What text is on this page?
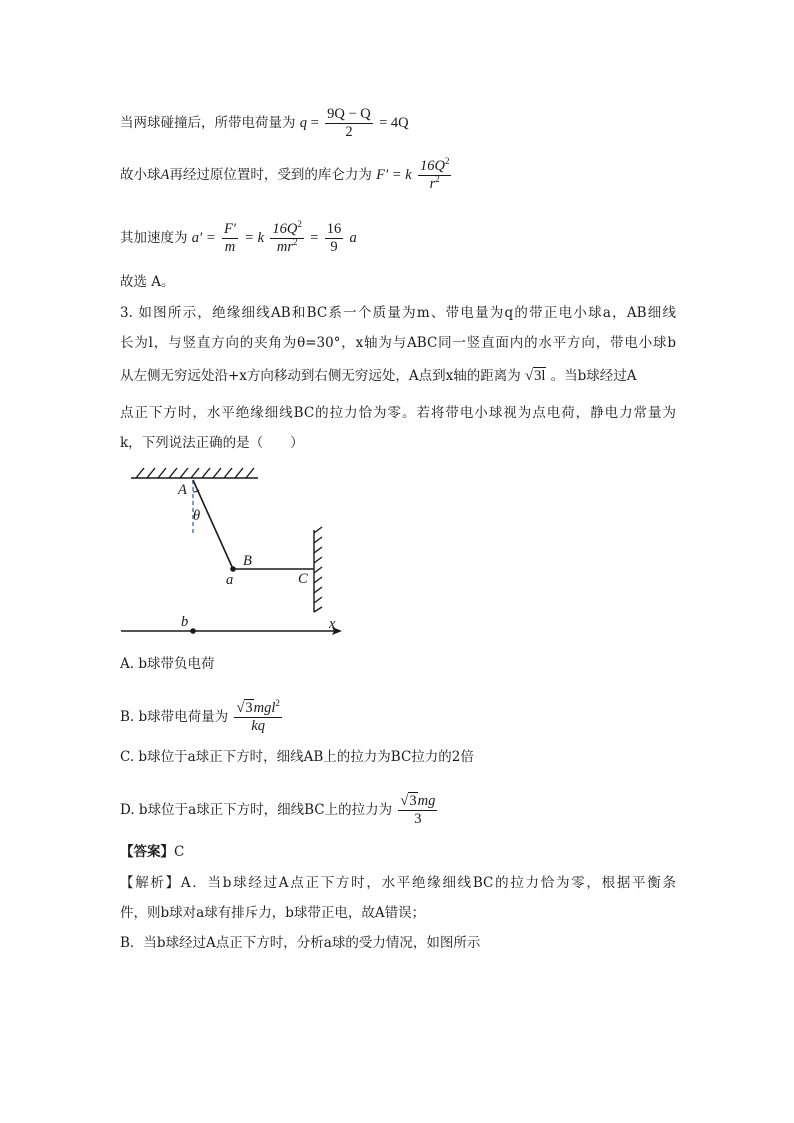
当两球碰撞后，所带电荷量为 $q = \frac{9Q - Q}{2} = 4Q$
故小球A再经过原位置时，受到的库仑力为 F′ = k $\frac{16Q^2}{r^2}$
其加速度为 $a' = \frac{F'}{m} = k \frac{16Q^2}{mr^2} = \frac{16}{9}$ a
故选 A。
3. 如图所示，绝缘细线AB和BC系一个质量为m、带电量为q的带正电小球a，AB细线
长为l，与竖直方向的夹角为θ=30°，x轴为与ABC同一竖直面内的水平方向，带电小球b
从左侧无穷远处沿+x方向移动到右侧无穷远处，A点到x轴的距离为 √3l 。当b球经过A
点正下方时，水平绝缘细线BC的拉力恰为零。若将带电小球视为点电荷，静电力常量为
k，下列说法正确的是（　　）
A
θ
B
a	C
b	x
A. b球带负电荷
B. b球带电荷量为 $\frac{√3mgl^2}{kq}$
C. b球位于a球正下方时，细线AB上的拉力为BC拉力的2倍
D. b球位于a球正下方时，细线BC上的拉力为 $\frac{√3mg}{3}$
【答案】C
【解析】A．当b球经过A点正下方时，水平绝缘细线BC的拉力恰为零，根据平衡条
件，则b球对a球有排斥力，b球带正电，故A错误；
B．当b球经过A点正下方时，分析a球的受力情况，如图所示
